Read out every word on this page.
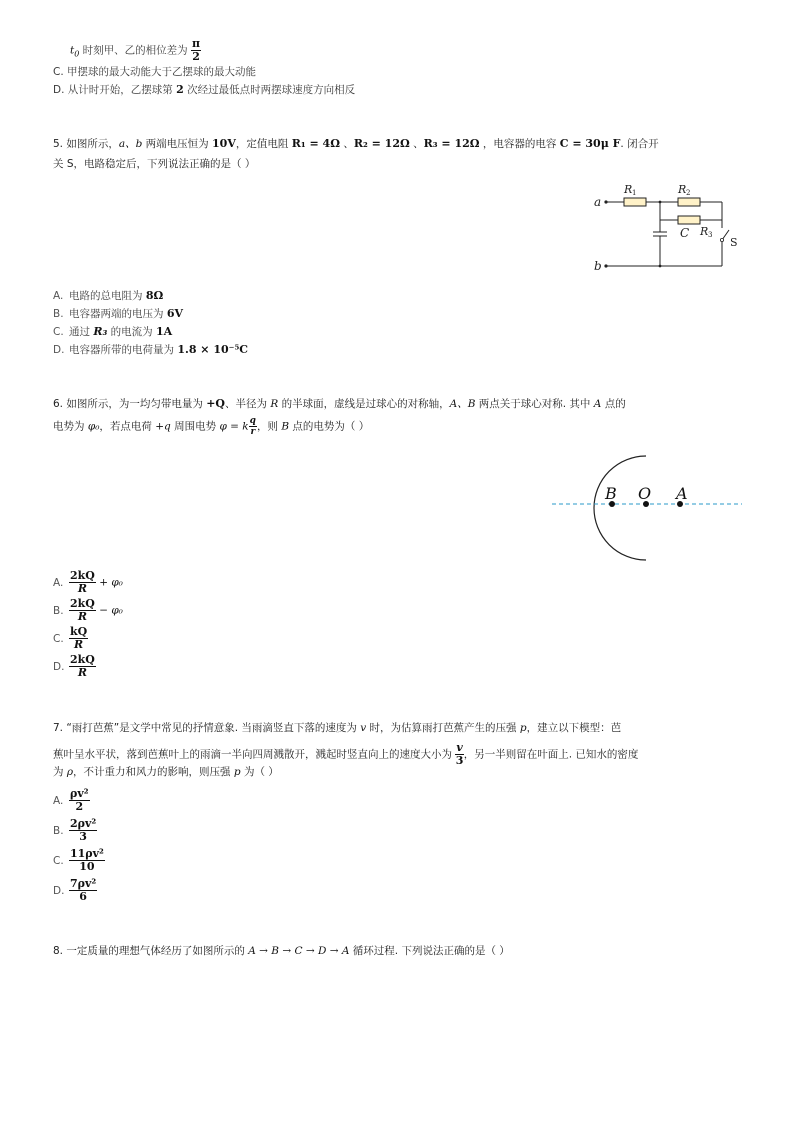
$t_0$ 时刻甲、乙的相位差为 $\frac{\pi}{2}$
C. 甲摆球的最大动能大于乙摆球的最大动能
D. 从计时开始，乙摆球第 2 次经过最低点时两摆球速度方向相反
5. 如图所示，a、b 两端电压恒为 10V，定值电阻 R₁ = 4Ω 、R₂ = 12Ω 、R₃ = 12Ω ，电容器的电容 C = 30μ F. 闭合开
关 S，电路稳定后，下列说法正确的是（ ）
a
b
R 1	R 2
C R 3
S
A. 电路的总电阻为 8Ω
B. 电容器两端的电压为 6V
C. 通过 R₃ 的电流为 1A
D. 电容器所带的电荷量为 1.8 × 10⁻⁵C
6. 如图所示，为一均匀带电量为 +Q、半径为 R 的半球面，虚线是过球心的对称轴，A、B 两点关于球心对称. 其中 A 点的
电势为 φ₀，若点电荷 +q 周围电势 φ = k $\frac{q}{r}$ ，则 B 点的电势为（ ）
B O A
A. $\frac{2kQ}{R} + \varphi_0$
B. $\frac{2kQ}{R} - \varphi_0$
C. $\frac{kQ}{R}$
D. $\frac{2kQ}{R}$
7. “雨打芭蕉”是文学中常见的抒情意象. 当雨滴竖直下落的速度为 v 时，为估算雨打芭蕉产生的压强 p，建立以下模型：芭
蕉叶呈水平状，落到芭蕉叶上的雨滴一半向四周溅散开，溅起时竖直向上的速度大小为 $\frac{v}{3}$ ，另一半则留在叶面上. 已知水的密度
为 ρ，不计重力和风力的影响，则压强 p 为（ ）
A. $\frac{\text{ρv²}}{2}$
B. $\frac{\text{2ρv²}}{3}$
C. $\frac{\text{11ρv²}}{10}$
D. $\frac{\text{7ρv²}}{6}$
8. 一定质量的理想气体经历了如图所示的 A → B → C → D → A 循环过程. 下列说法正确的是（ ）
